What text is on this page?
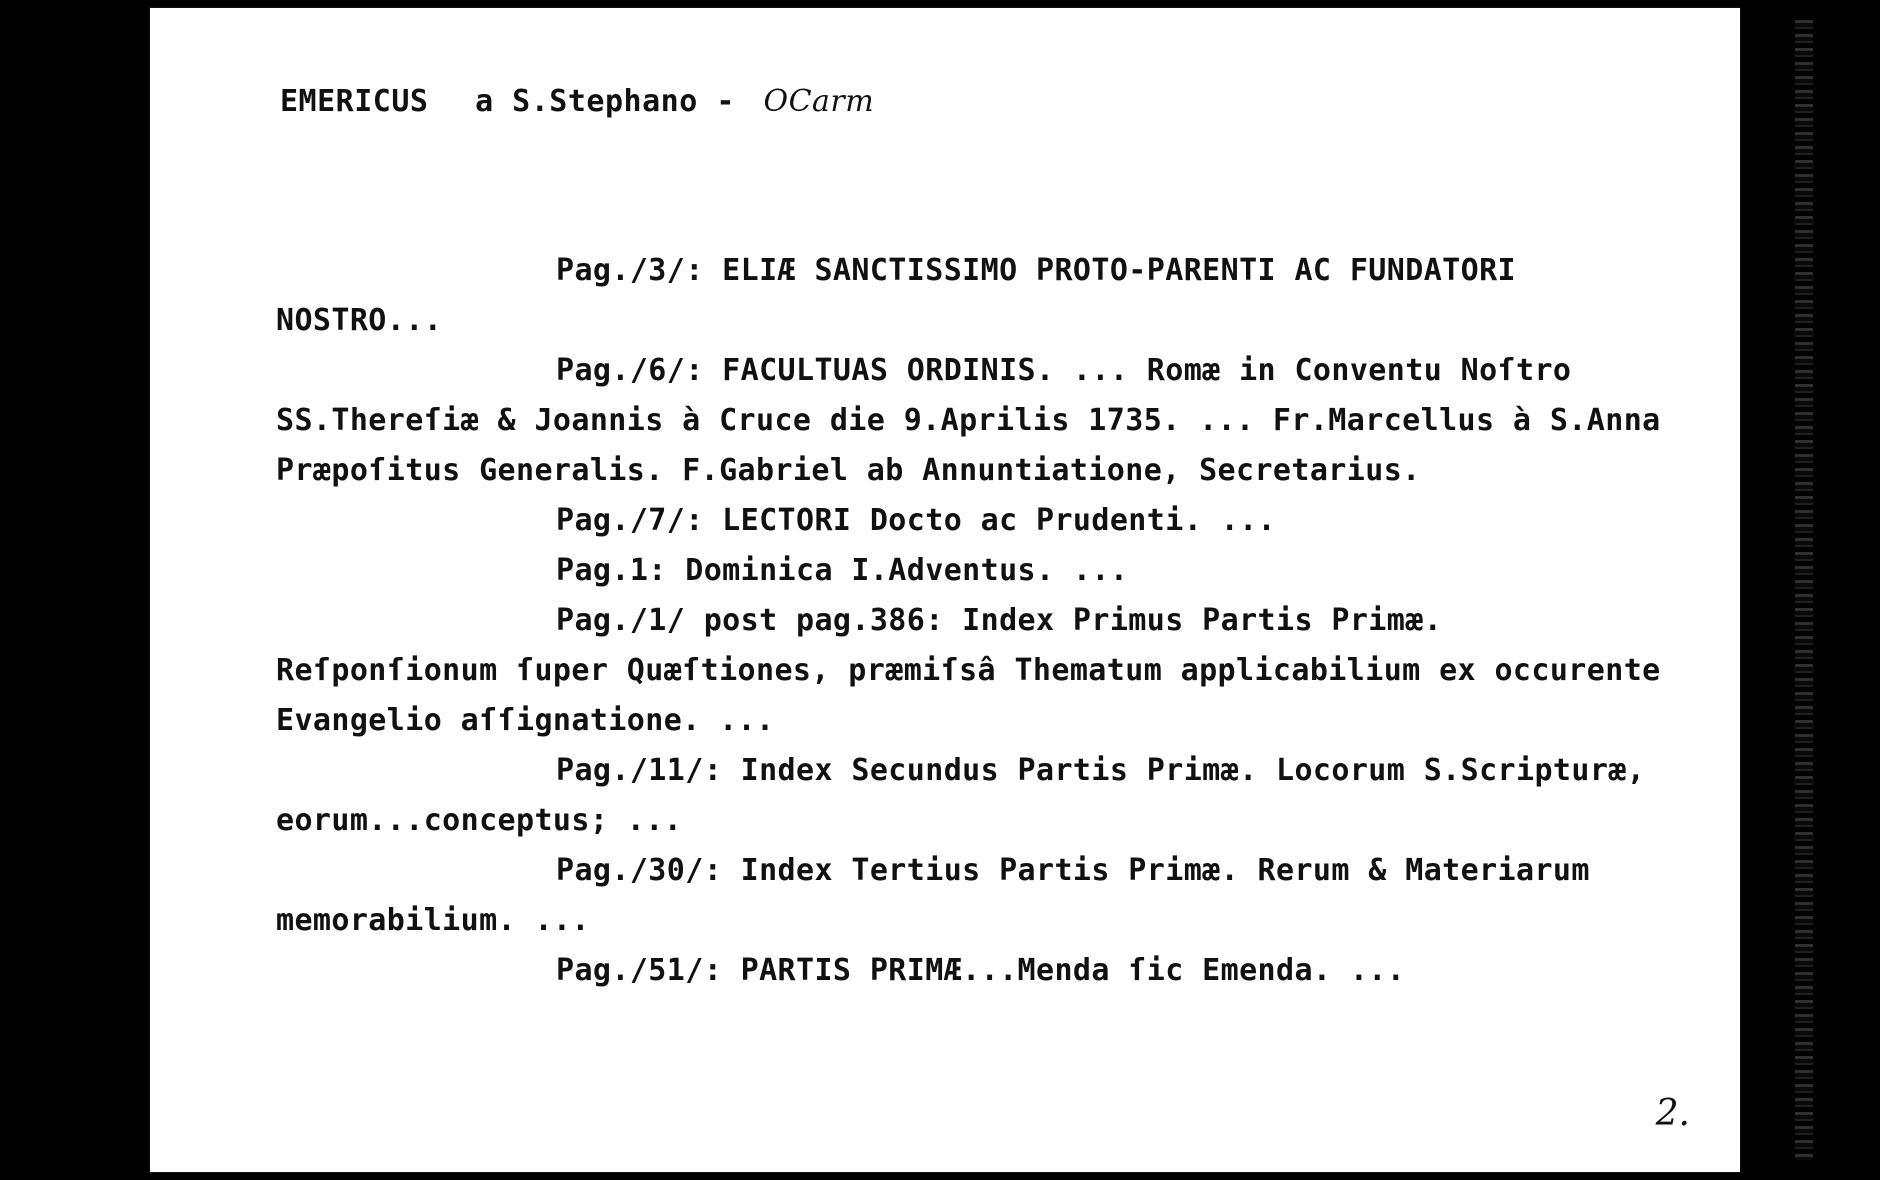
EMERICUS a S.Stephano - OCarm

Pag./3/: ELIÆ SANCTISSIMO PROTO-PARENTI AC FUNDATORI NOSTRO...

Pag./6/: FACULTUAS ORDINIS. ... Romæ in Conventu Noſtro SS.Thereſiæ & Joannis à Cruce die 9.Aprilis 1735. ... Fr.Marcellus à S.Anna Præpoſitus Generalis. F.Gabriel ab Annuntiatione, Secretarius.

Pag./7/: LECTORI Docto ac Prudenti. ...

Pag.1: Dominica I.Adventus. ...

Pag./1/ post pag.386: Index Primus Partis Primæ. Reſponſionum ſuper Quæſtiones, præmiſsâ Thematum applicabilium ex occurente Evangelio aſſignatione. ...

Pag./11/: Index Secundus Partis Primæ. Locorum S.Scripturæ, eorum...conceptus; ...

Pag./30/: Index Tertius Partis Primæ. Rerum & Materiarum memorabilium. ...

Pag./51/: PARTIS PRIMÆ...Menda ſic Emenda. ...

2.
